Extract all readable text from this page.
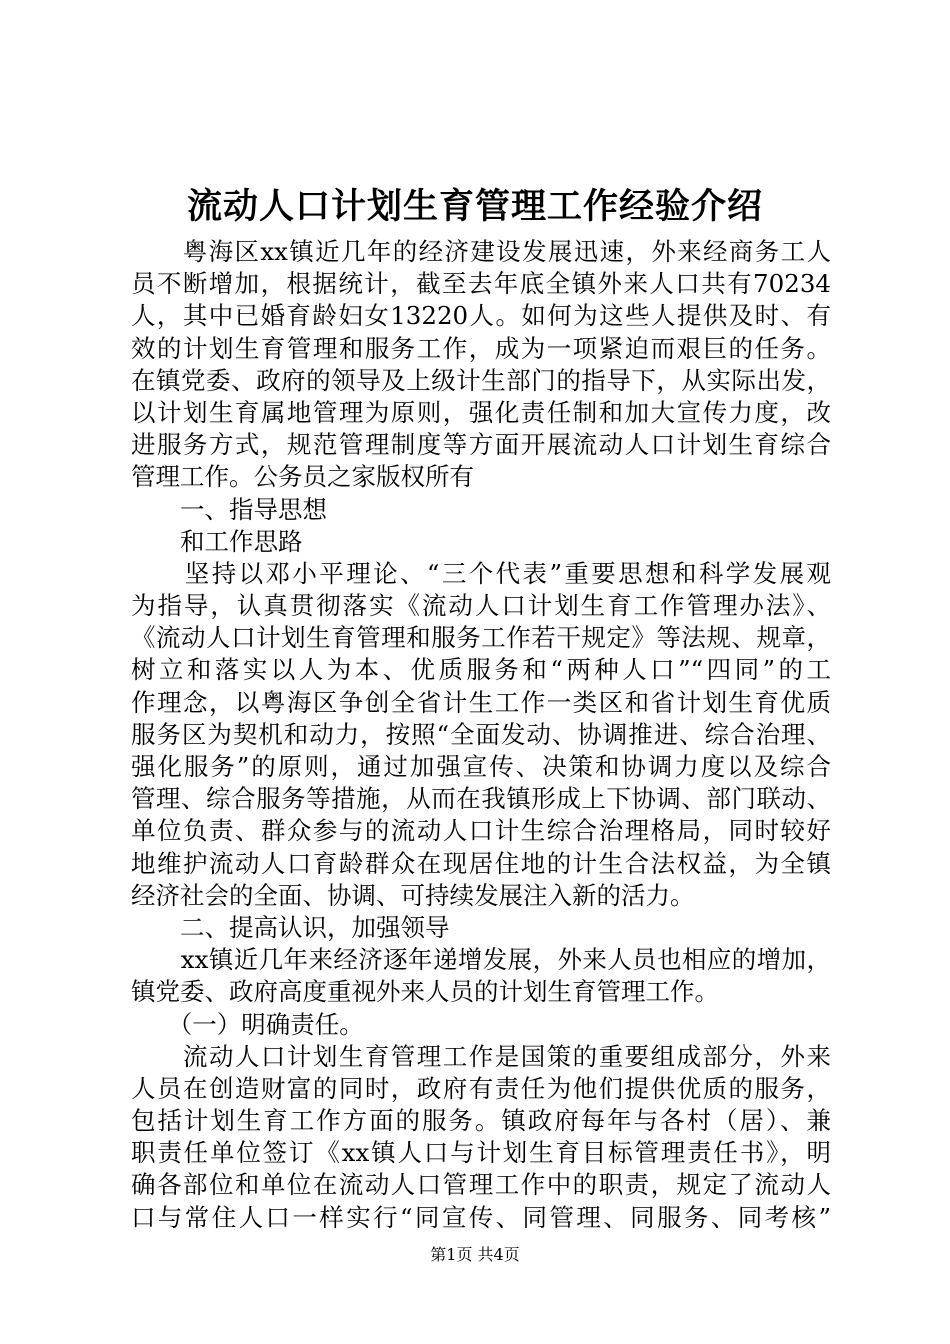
流动人口计划生育管理工作经验介绍
　　粤海区xx镇近几年的经济建设发展迅速，外来经商务工人
员不断增加，根据统计，截至去年底全镇外来人口共有70234
人，其中已婚育龄妇女13220人。如何为这些人提供及时、有
效的计划生育管理和服务工作，成为一项紧迫而艰巨的任务。
在镇党委、政府的领导及上级计生部门的指导下，从实际出发，
以计划生育属地管理为原则，强化责任制和加大宣传力度，改
进服务方式，规范管理制度等方面开展流动人口计划生育综合
管理工作。公务员之家版权所有
　　一、指导思想
　　和工作思路
　　坚持以邓小平理论、“三个代表”重要思想和科学发展观
为指导，认真贯彻落实《流动人口计划生育工作管理办法》、
《流动人口计划生育管理和服务工作若干规定》等法规、规章，
树立和落实以人为本、优质服务和“两种人口”“四同”的工
作理念，以粤海区争创全省计生工作一类区和省计划生育优质
服务区为契机和动力，按照“全面发动、协调推进、综合治理、
强化服务”的原则，通过加强宣传、决策和协调力度以及综合
管理、综合服务等措施，从而在我镇形成上下协调、部门联动、
单位负责、群众参与的流动人口计生综合治理格局，同时较好
地维护流动人口育龄群众在现居住地的计生合法权益，为全镇
经济社会的全面、协调、可持续发展注入新的活力。
　　二、提高认识，加强领导
　　xx镇近几年来经济逐年递增发展，外来人员也相应的增加，
镇党委、政府高度重视外来人员的计划生育管理工作。
　　（一）明确责任。
　　流动人口计划生育管理工作是国策的重要组成部分，外来
人员在创造财富的同时，政府有责任为他们提供优质的服务，
包括计划生育工作方面的服务。镇政府每年与各村（居）、兼
职责任单位签订《xx镇人口与计划生育目标管理责任书》，明
确各部位和单位在流动人口管理工作中的职责，规定了流动人
口与常住人口一样实行“同宣传、同管理、同服务、同考核”
第1页 共4页
